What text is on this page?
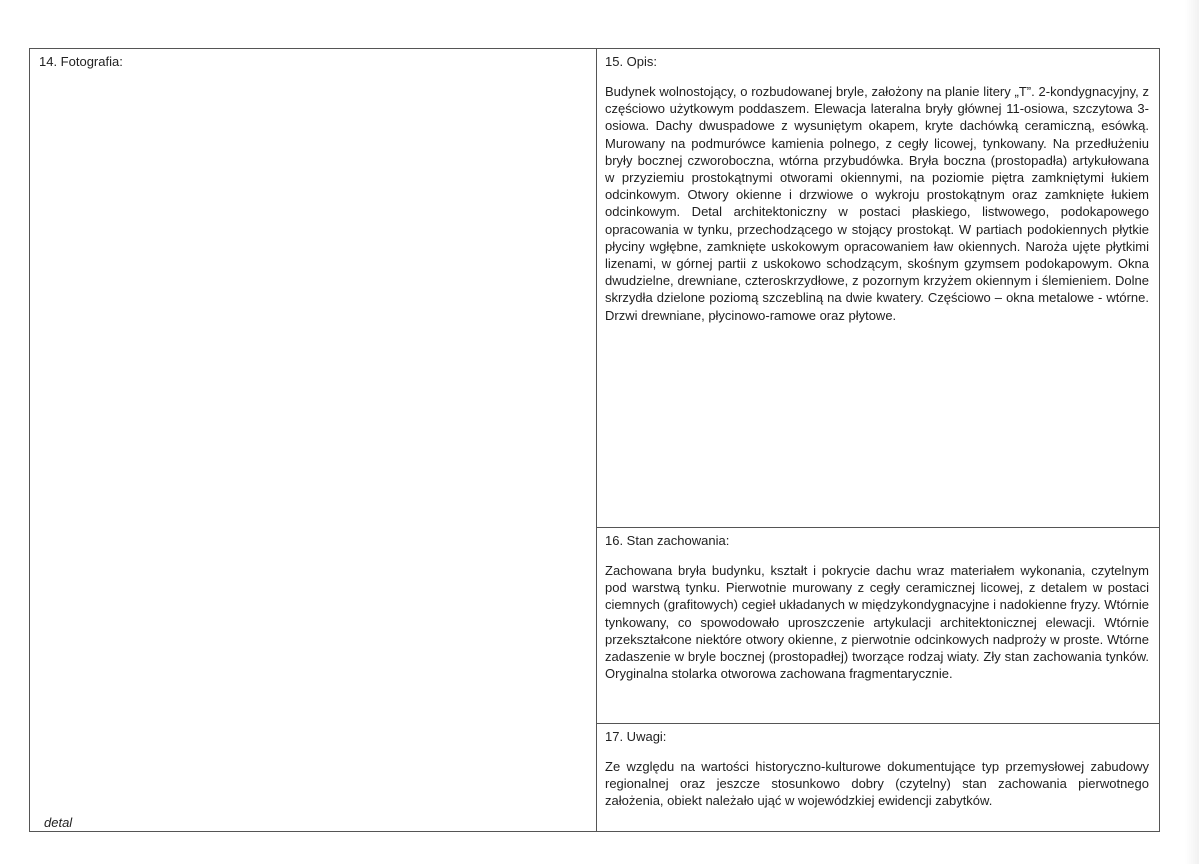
14. Fotografia:
detal
15. Opis:
Budynek wolnostojący, o rozbudowanej bryle, założony na planie litery „T”. 2-kondygnacyjny, z częściowo użytkowym poddaszem. Elewacja lateralna bryły głównej 11-osiowa, szczytowa 3-osiowa. Dachy dwuspadowe z wysuniętym okapem, kryte dachówką ceramiczną, esówką. Murowany na podmurówce kamienia polnego, z cegły licowej, tynkowany. Na przedłużeniu bryły bocznej czworoboczna, wtórna przybudówka. Bryła boczna (prostopadła) artykułowana w przyziemiu prostokątnymi otworami okiennymi, na poziomie piętra zamkniętymi łukiem odcinkowym. Otwory okienne i drzwiowe o wykroju prostokątnym oraz zamknięte łukiem odcinkowym. Detal architektoniczny w postaci płaskiego, listwowego, podokapowego opracowania w tynku, przechodzącego w stojący prostokąt. W partiach podokiennych płytkie płyciny wgłębne, zamknięte uskokowym opracowaniem ław okiennych. Naroża ujęte płytkimi lizenami, w górnej partii z uskokowo schodzącym, skośnym gzymsem podokapowym. Okna dwudzielne, drewniane, czteroskrzydłowe, z pozornym krzyżem okiennym i ślemieniem. Dolne skrzydła dzielone poziomą szczebliną na dwie kwatery. Częściowo – okna metalowe - wtórne. Drzwi drewniane, płycinowo-ramowe oraz płytowe.
16. Stan zachowania:
Zachowana bryła budynku, kształt i pokrycie dachu wraz materiałem wykonania, czytelnym pod warstwą tynku. Pierwotnie murowany z cegły ceramicznej licowej, z detalem w postaci ciemnych (grafitowych) cegieł układanych w międzykondygnacyjne i nadokienne fryzy. Wtórnie tynkowany, co spowodowało uproszczenie artykulacji architektonicznej elewacji. Wtórnie przekształcone niektóre otwory okienne, z pierwotnie odcinkowych nadproży w proste. Wtórne zadaszenie w bryle bocznej (prostopadłej) tworzące rodzaj wiaty. Zły stan zachowania tynków. Oryginalna stolarka otworowa zachowana fragmentarycznie.
17. Uwagi:
Ze względu na wartości historyczno-kulturowe dokumentujące typ przemysłowej zabudowy regionalnej oraz jeszcze stosunkowo dobry (czytelny) stan zachowania pierwotnego założenia, obiekt należało ująć w wojewódzkiej ewidencji zabytków.
